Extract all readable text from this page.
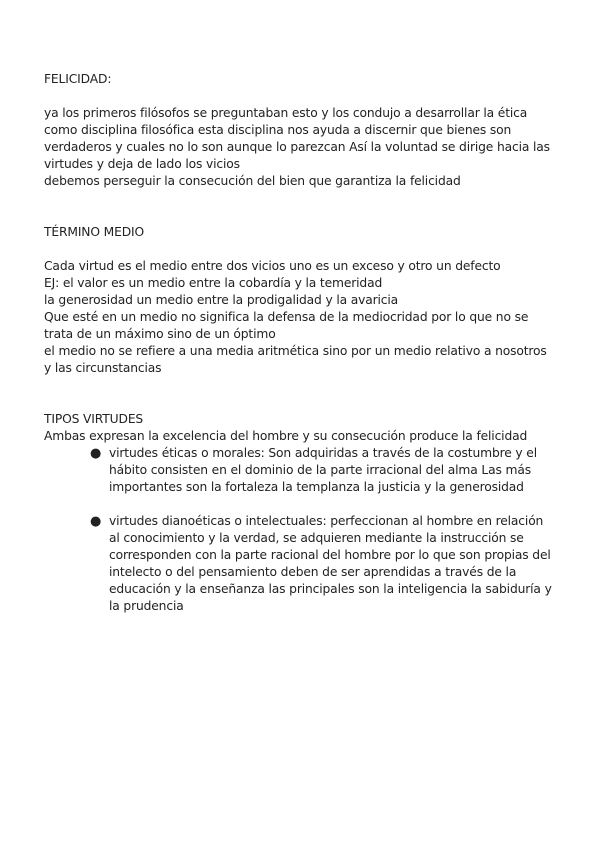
FELICIDAD:

ya los primeros filósofos se preguntaban esto y los condujo a desarrollar la ética

como disciplina filosófica esta disciplina nos ayuda a discernir que bienes son

verdaderos y cuales no lo son aunque lo parezcan Así la voluntad se dirige hacia las

virtudes y deja de lado los vicios

debemos perseguir la consecución del bien que garantiza la felicidad

TÉRMINO MEDIO

Cada virtud es el medio entre dos vicios uno es un exceso y otro un defecto

EJ: el valor es un medio entre la cobardía y la temeridad

la generosidad un medio entre la prodigalidad y la avaricia

Que esté en un medio no significa la defensa de la mediocridad por lo que no se

trata de un máximo sino de un óptimo

el medio no se refiere a una media aritmética sino por un medio relativo a nosotros

y las circunstancias

TIPOS VIRTUDES

Ambas expresan la excelencia del hombre y su consecución produce la felicidad

● virtudes éticas o morales: Son adquiridas a través de la costumbre y el

hábito consisten en el dominio de la parte irracional del alma Las más

importantes son la fortaleza la templanza la justicia y la generosidad

● virtudes dianoéticas o intelectuales: perfeccionan al hombre en relación

al conocimiento y la verdad, se adquieren mediante la instrucción se

corresponden con la parte racional del hombre por lo que son propias del

intelecto o del pensamiento deben de ser aprendidas a través de la

educación y la enseñanza las principales son la inteligencia la sabiduría y

la prudencia
